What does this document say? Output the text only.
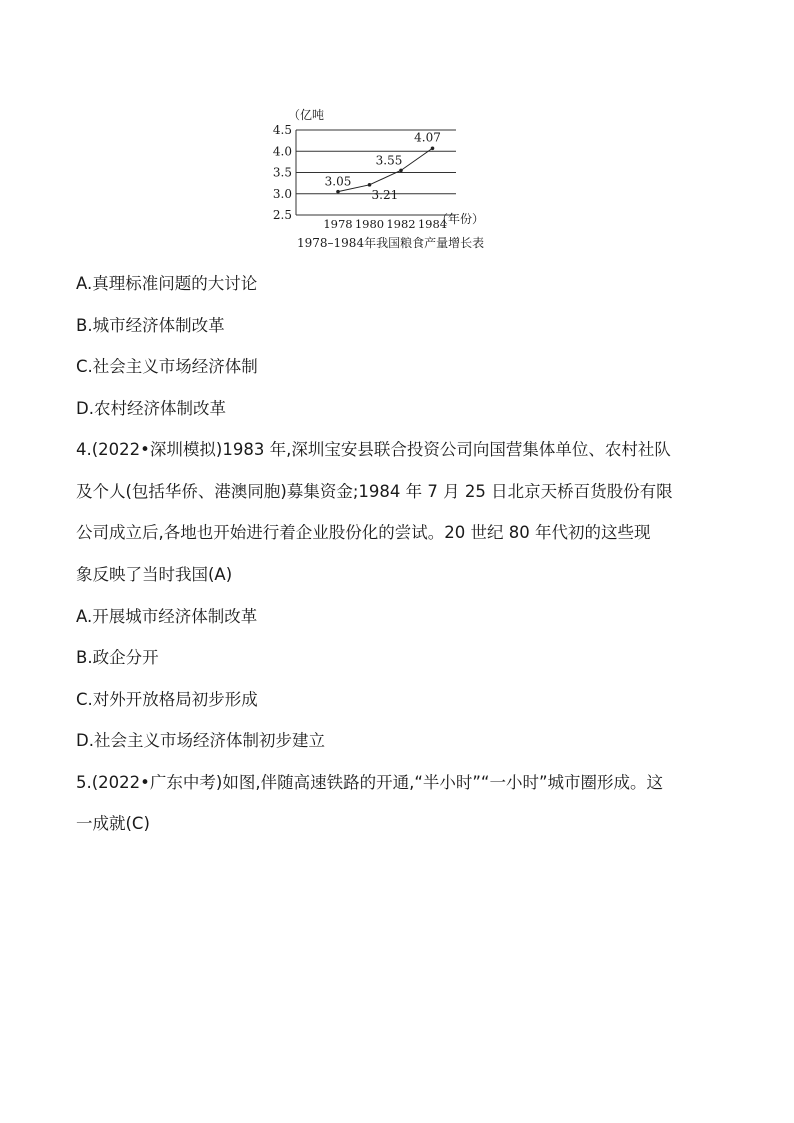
（亿吨
4.5
4.0
3.5
3.0
2.5
1978 1980 1982 1984
（年份）
3.05
3.21
3.55
4.07
1978–1984年我国粮食产量增长表
A.真理标准问题的大讨论
B.城市经济体制改革
C.社会主义市场经济体制
D.农村经济体制改革
4.(2022•深圳模拟)1983 年,深圳宝安县联合投资公司向国营集体单位、农村社队
及个人(包括华侨、港澳同胞)募集资金;1984 年 7 月 25 日北京天桥百货股份有限
公司成立后,各地也开始进行着企业股份化的尝试。20 世纪 80 年代初的这些现
象反映了当时我国(A)
A.开展城市经济体制改革
B.政企分开
C.对外开放格局初步形成
D.社会主义市场经济体制初步建立
5.(2022•广东中考)如图,伴随高速铁路的开通,“半小时”“一小时”城市圈形成。这
一成就(C)
